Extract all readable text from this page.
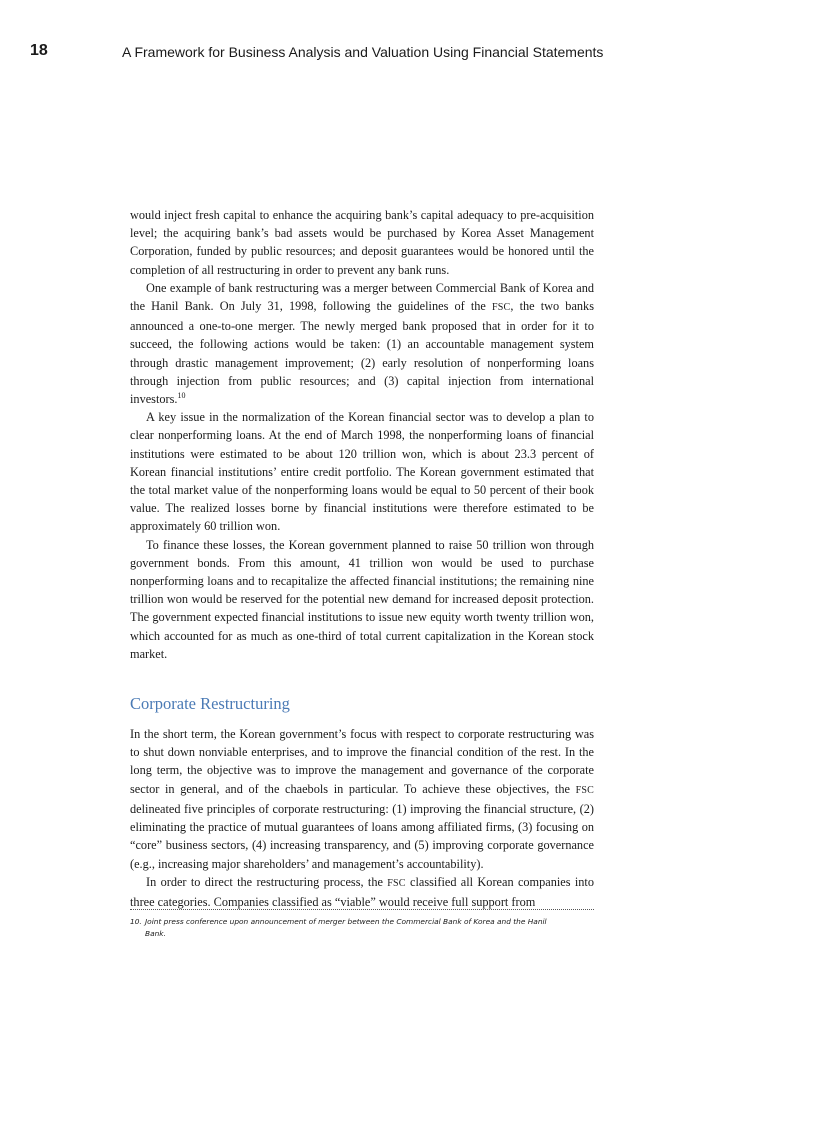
18	A Framework for Business Analysis and Valuation Using Financial Statements

would inject fresh capital to enhance the acquiring bank’s capital adequacy to pre-acquisition level; the acquiring bank’s bad assets would be purchased by Korea Asset Management Corporation, funded by public resources; and deposit guarantees would be honored until the completion of all restructuring in order to prevent any bank runs.

One example of bank restructuring was a merger between Commercial Bank of Korea and the Hanil Bank. On July 31, 1998, following the guidelines of the FSC, the two banks announced a one-to-one merger. The newly merged bank proposed that in order for it to succeed, the following actions would be taken: (1) an accountable management system through drastic management improvement; (2) early resolution of nonperforming loans through injection from public resources; and (3) capital injection from international investors.$^{10}$

A key issue in the normalization of the Korean financial sector was to develop a plan to clear nonperforming loans. At the end of March 1998, the nonperforming loans of financial institutions were estimated to be about 120 trillion won, which is about 23.3 percent of Korean financial institutions’ entire credit portfolio. The Korean government estimated that the total market value of the nonperforming loans would be equal to 50 percent of their book value. The realized losses borne by financial institutions were therefore estimated to be approximately 60 trillion won.

To finance these losses, the Korean government planned to raise 50 trillion won through government bonds. From this amount, 41 trillion won would be used to purchase nonperforming loans and to recapitalize the affected financial institutions; the remaining nine trillion won would be reserved for the potential new demand for increased deposit protection. The government expected financial institutions to issue new equity worth twenty trillion won, which accounted for as much as one-third of total current capitalization in the Korean stock market.

Corporate Restructuring

In the short term, the Korean government’s focus with respect to corporate restructuring was to shut down nonviable enterprises, and to improve the financial condition of the rest. In the long term, the objective was to improve the management and governance of the corporate sector in general, and of the chaebols in particular. To achieve these objectives, the FSC delineated five principles of corporate restructuring: (1) improving the financial structure, (2) eliminating the practice of mutual guarantees of loans among affiliated firms, (3) focusing on “core” business sectors, (4) increasing transparency, and (5) improving corporate governance (e.g., increasing major shareholders’ and management’s accountability).

In order to direct the restructuring process, the FSC classified all Korean companies into three categories. Companies classified as “viable” would receive full support from

10. Joint press conference upon announcement of merger between the Commercial Bank of Korea and the Hanil
Bank.
